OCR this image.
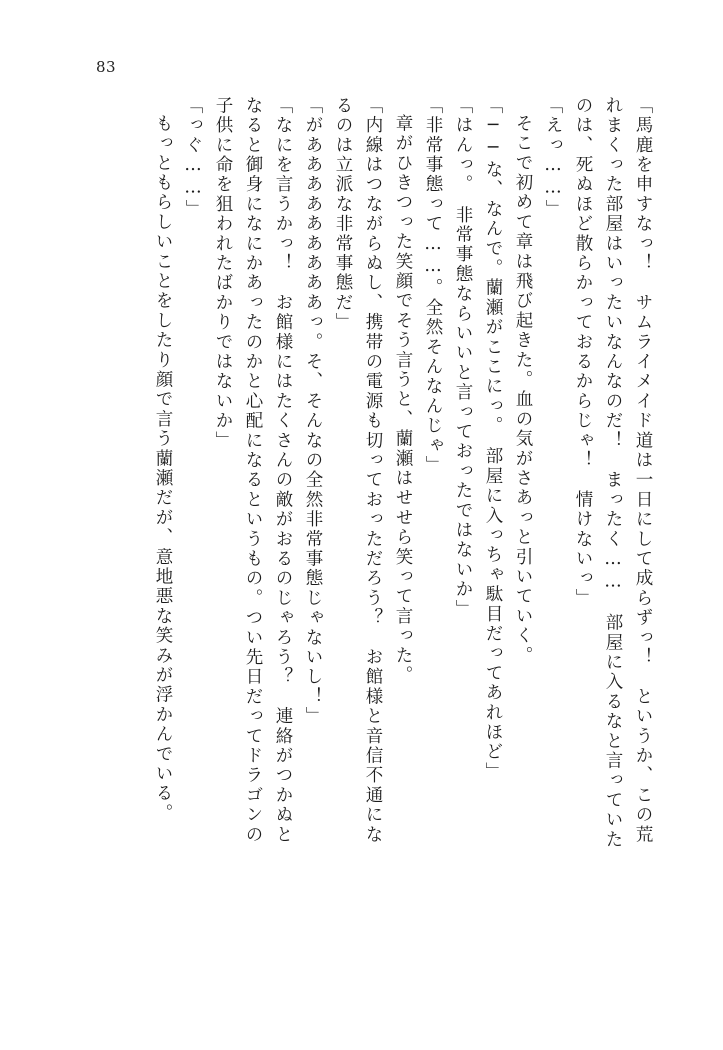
83
「馬鹿を申すなっ！　サムライメイド道は一日にして成らずっ！　というか、この荒
れまくった部屋はいったいなんなのだ！　まったく……　部屋に入るなと言っていた
のは、死ぬほど散らかっておるからじゃ！　情けないっ」
「えっ……」
そこで初めて章は飛び起きた。血の気がさあっと引いていく。
「──な、なんで。蘭瀬がここにっ。　部屋に入っちゃ駄目だってあれほど」
「はんっ。　非常事態ならいいと言っておったではないか」
「非常事態って……。全然そんなんじゃ」
章がひきつった笑顔でそう言うと、蘭瀬はせせら笑って言った。
「内線はつながらぬし、携帯の電源も切っておっただろう？　お館様と音信不通にな
るのは立派な非常事態だ」
「があああああああああっ。そ、そんなの全然非常事態じゃないし！」
「なにを言うかっ！　お館様にはたくさんの敵がおるのじゃろう？　連絡がつかぬと
なると御身になにかあったのかと心配になるというもの。つい先日だってドラゴンの
子供に命を狙われたばかりではないか」
「っぐ……」
もっともらしいことをしたり顔で言う蘭瀬だが、意地悪な笑みが浮かんでいる。
